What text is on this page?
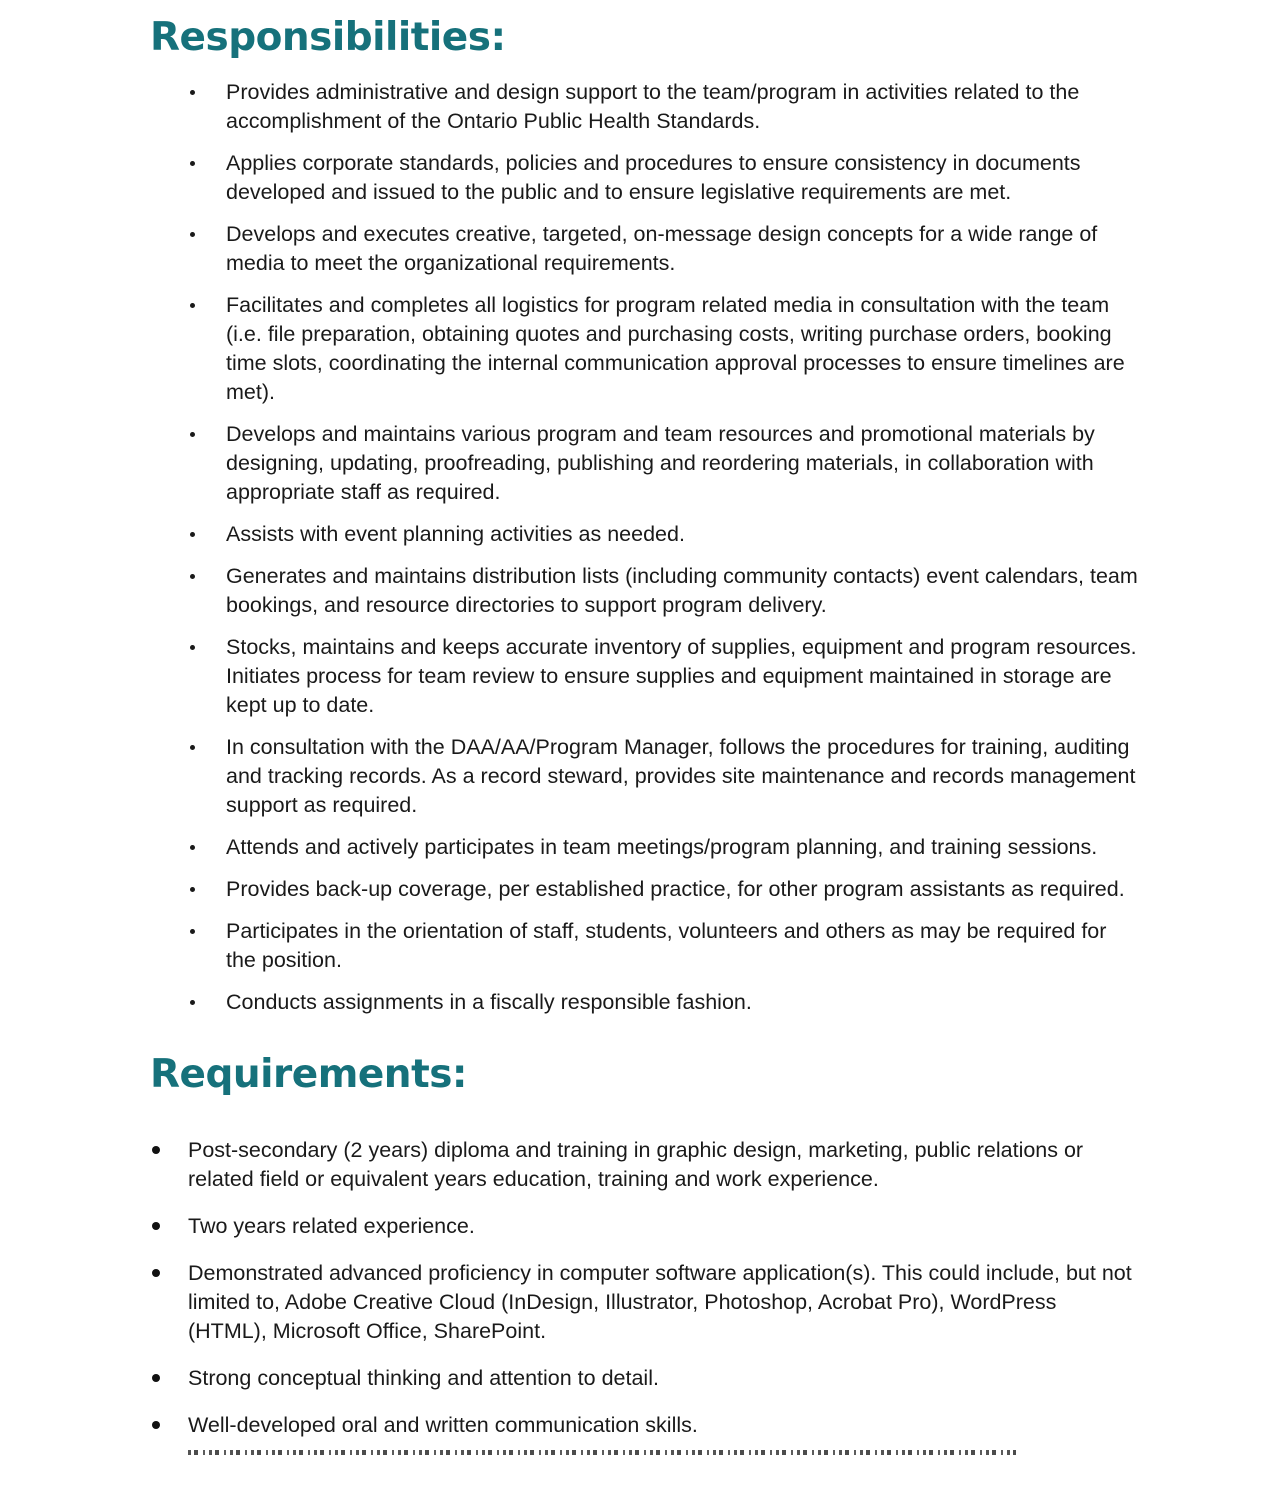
Responsibilities:
Provides administrative and design support to the team/program in activities related to the accomplishment of the Ontario Public Health Standards.
Applies corporate standards, policies and procedures to ensure consistency in documents developed and issued to the public and to ensure legislative requirements are met.
Develops and executes creative, targeted, on-message design concepts for a wide range of media to meet the organizational requirements.
Facilitates and completes all logistics for program related media in consultation with the team (i.e. file preparation, obtaining quotes and purchasing costs, writing purchase orders, booking time slots, coordinating the internal communication approval processes to ensure timelines are met).
Develops and maintains various program and team resources and promotional materials by designing, updating, proofreading, publishing and reordering materials, in collaboration with appropriate staff as required.
Assists with event planning activities as needed.
Generates and maintains distribution lists (including community contacts) event calendars, team bookings, and resource directories to support program delivery.
Stocks, maintains and keeps accurate inventory of supplies, equipment and program resources. Initiates process for team review to ensure supplies and equipment maintained in storage are kept up to date.
In consultation with the DAA/AA/Program Manager, follows the procedures for training, auditing and tracking records. As a record steward, provides site maintenance and records management support as required.
Attends and actively participates in team meetings/program planning, and training sessions.
Provides back-up coverage, per established practice, for other program assistants as required.
Participates in the orientation of staff, students, volunteers and others as may be required for the position.
Conducts assignments in a fiscally responsible fashion.
Requirements:
Post-secondary (2 years) diploma and training in graphic design, marketing, public relations or related field or equivalent years education, training and work experience.
Two years related experience.
Demonstrated advanced proficiency in computer software application(s). This could include, but not limited to, Adobe Creative Cloud (InDesign, Illustrator, Photoshop, Acrobat Pro), WordPress (HTML), Microsoft Office, SharePoint.
Strong conceptual thinking and attention to detail.
Well-developed oral and written communication skills.
